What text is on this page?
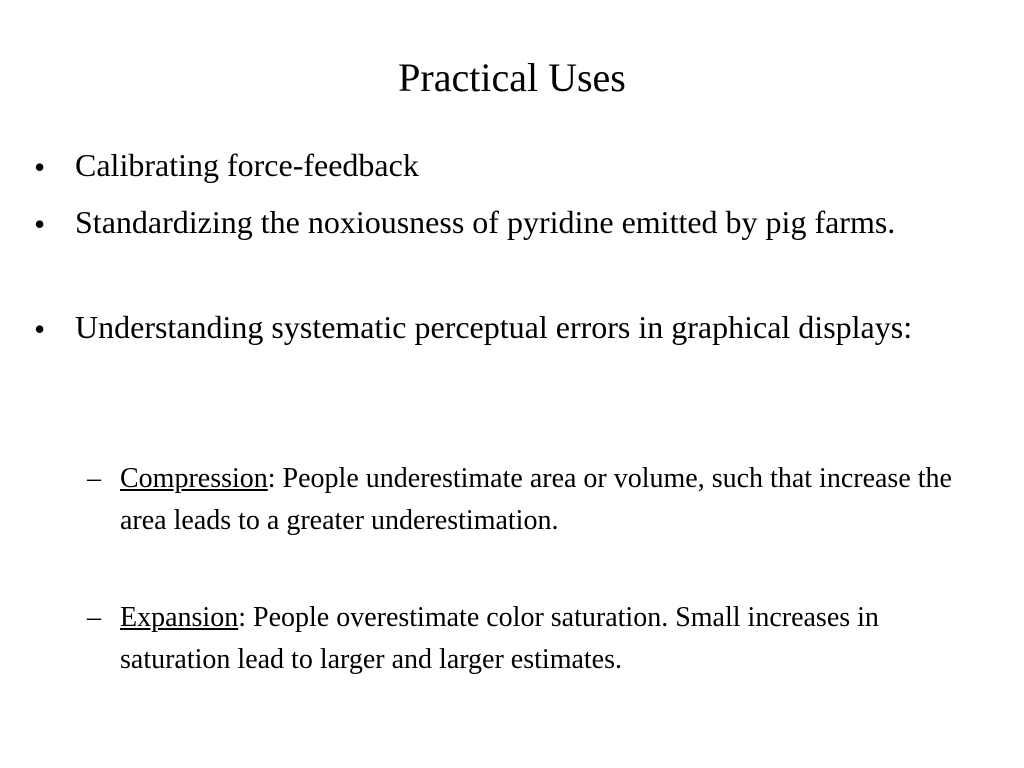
Practical Uses
• Calibrating force-feedback
• Standardizing the noxiousness of pyridine emitted by pig farms.
• Understanding systematic perceptual errors in graphical displays:
– Compression: People underestimate area or volume, such that increase the area leads to a greater underestimation.
– Expansion: People overestimate color saturation. Small increases in saturation lead to larger and larger estimates.
